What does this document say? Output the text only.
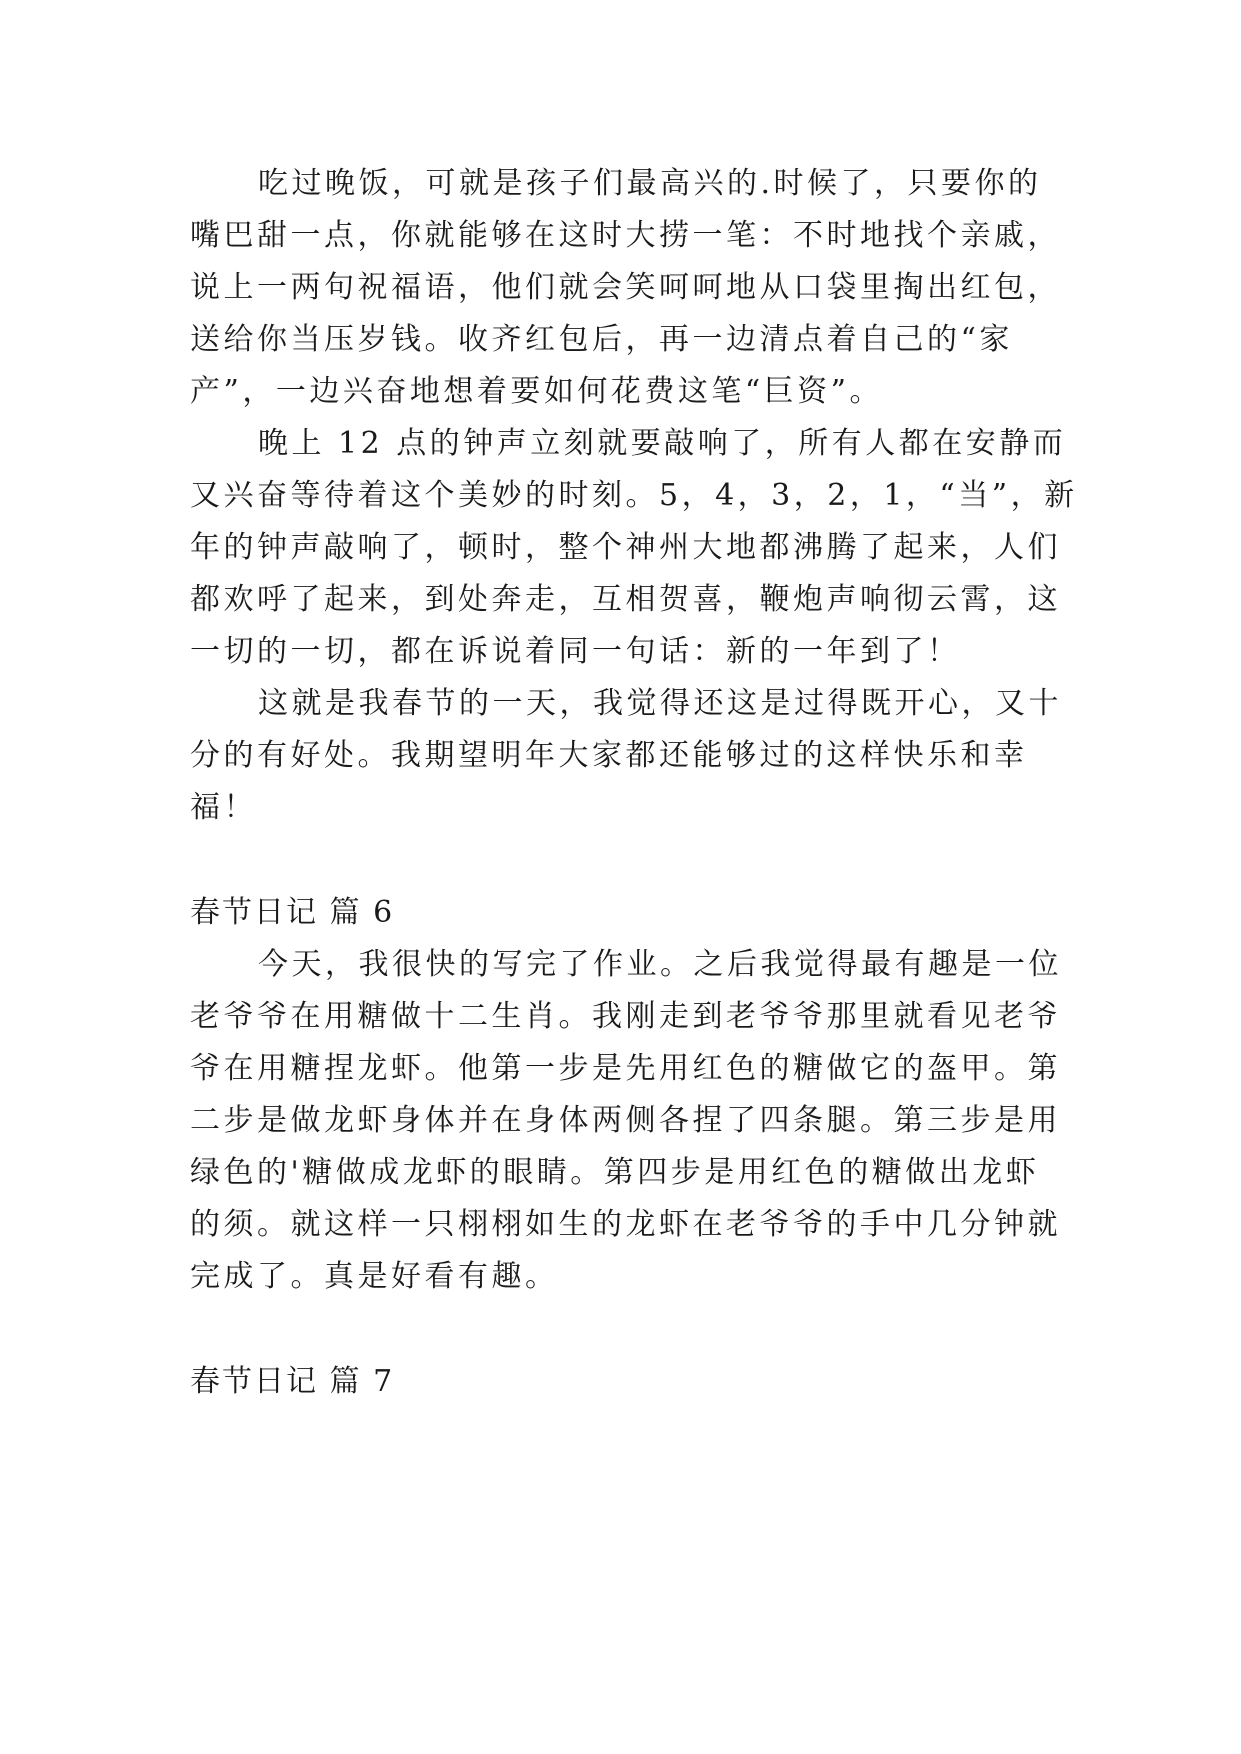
吃过晚饭，可就是孩子们最高兴的.时候了，只要你的
嘴巴甜一点，你就能够在这时大捞一笔：不时地找个亲戚，
说上一两句祝福语，他们就会笑呵呵地从口袋里掏出红包，
送给你当压岁钱。收齐红包后，再一边清点着自己的“家
产”，一边兴奋地想着要如何花费这笔“巨资”。
晚上 12 点的钟声立刻就要敲响了，所有人都在安静而
又兴奋等待着这个美妙的时刻。5，4，3，2，1，“当”，新
年的钟声敲响了，顿时，整个神州大地都沸腾了起来，人们
都欢呼了起来，到处奔走，互相贺喜，鞭炮声响彻云霄，这
一切的一切，都在诉说着同一句话：新的一年到了！
这就是我春节的一天，我觉得还这是过得既开心，又十
分的有好处。我期望明年大家都还能够过的这样快乐和幸
福！
春节日记 篇 6
今天，我很快的写完了作业。之后我觉得最有趣是一位
老爷爷在用糖做十二生肖。我刚走到老爷爷那里就看见老爷
爷在用糖捏龙虾。他第一步是先用红色的糖做它的盔甲。第
二步是做龙虾身体并在身体两侧各捏了四条腿。第三步是用
绿色的'糖做成龙虾的眼睛。第四步是用红色的糖做出龙虾
的须。就这样一只栩栩如生的龙虾在老爷爷的手中几分钟就
完成了。真是好看有趣。
春节日记 篇 7
